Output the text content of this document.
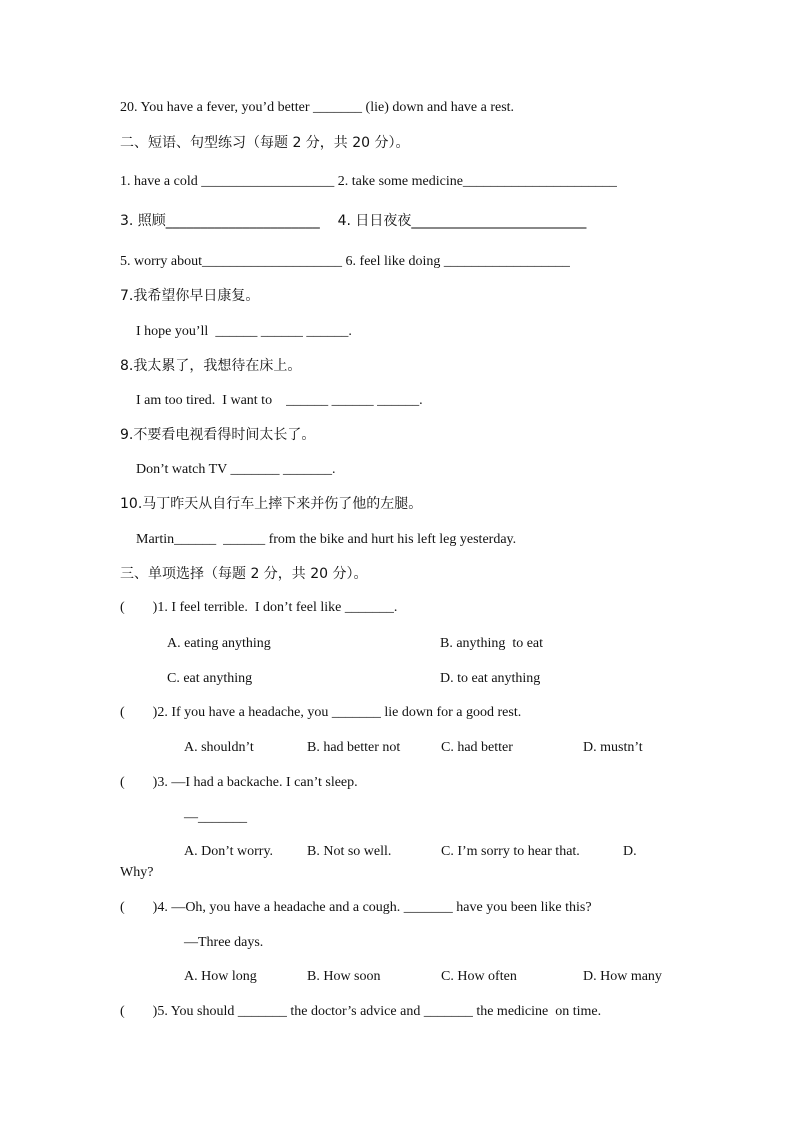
20. You have a fever, you’d better _______ (lie) down and have a rest.
二、短语、句型练习（每题 2 分，共 20 分）。
1. have a cold ___________________ 2. take some medicine______________________
3. 照顾______________________    4. 日日夜夜_________________________
5. worry about____________________ 6. feel like doing __________________
7.我希望你早日康复。
I hope you’ll  ______ ______ ______.
8.我太累了，我想待在床上。
I am too tired.  I want to    ______ ______ ______.
9.不要看电视看得时间太长了。
Don’t watch TV _______ _______.
10.马丁昨天从自行车上摔下来并伤了他的左腿。
Martin______  ______ from the bike and hurt his left leg yesterday.
三、单项选择（每题 2 分，共 20 分）。
(        )1. I feel terrible.  I don’t feel like _______.
A. eating anything	B. anything  to eat
C. eat anything	D. to eat anything
(        )2. If you have a headache, you _______ lie down for a good rest.
A. shouldn’t	B. had better not	C. had better	D. mustn’t
(        )3. —I had a backache. I can’t sleep.
—_______
A. Don’t worry. B. Not so well.	C. I’m sorry to hear that.	D.
Why?
(        )4. —Oh, you have a headache and a cough. _______ have you been like this?
—Three days.
A. How long	B. How soon	C. How often	D. How many
(        )5. You should _______ the doctor’s advice and _______ the medicine  on time.
